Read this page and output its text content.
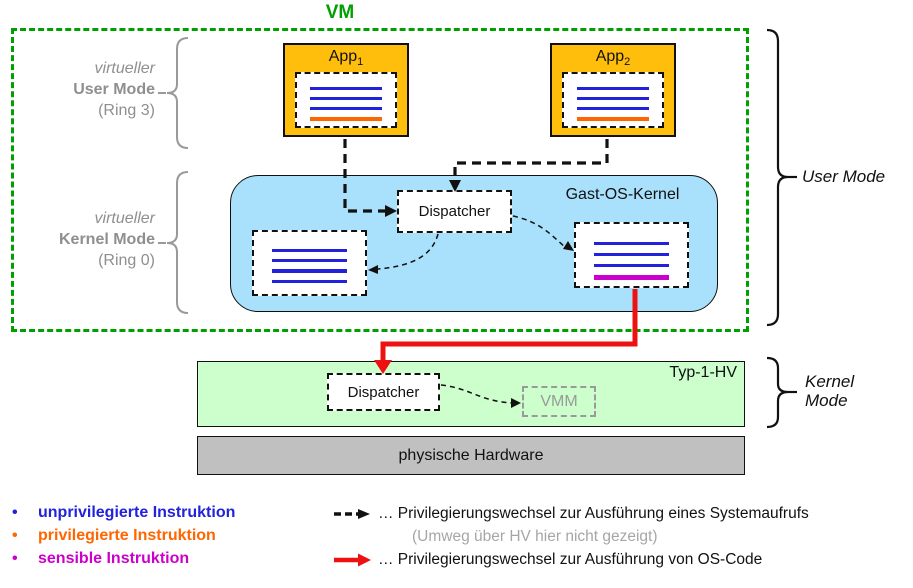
VM
virtueller
User Mode
(Ring 3)
virtueller
Kernel Mode
(Ring 0)
App$_1$	App$_2$
Gast-OS-Kernel
Dispatcher
Typ-1-HV
Dispatcher
VMM
physische Hardware
User Mode
Kernel
Mode
•	unprivilegierte Instruktion
•	privilegierte Instruktion
•	sensible Instruktion
… Privilegierungswechsel zur Ausführung eines Systemaufrufs
(Umweg über HV hier nicht gezeigt)
… Privilegierungswechsel zur Ausführung von OS-Code
